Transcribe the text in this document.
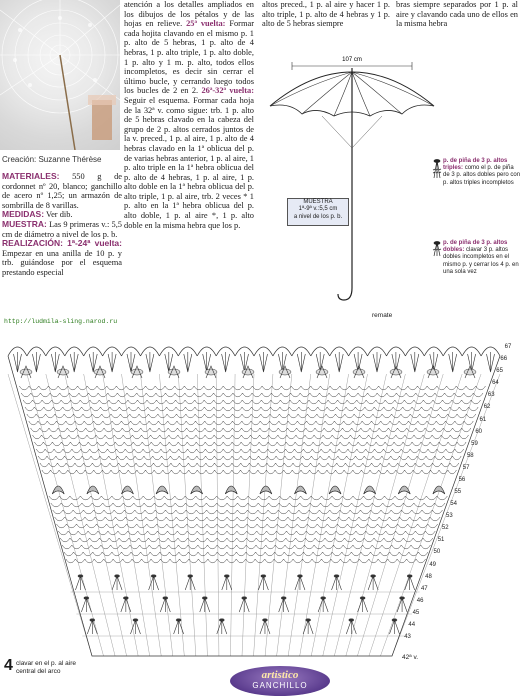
Creación: Suzanne Thérèse
MATERIALES: 550 g de cordonnet nº 20, blanco; ganchillo de acero nº 1,25; un armazón de sombrilla de 8 varillas.
MEDIDAS: Ver dib.
MUESTRA: Las 9 primeras v.: 5,5 cm de diámetro a nivel de los p. b.
REALIZACIÓN: 1ª-24ª vuelta: Empezar en una anilla de 10 p. y trb. guiándose por el esquema prestando especial
atención a los detalles ampliados en los dibujos de los pétalos y de las hojas en relieve. 25ª vuelta: Formar cada hojita clavando en el mismo p. 1 p. alto de 5 hebras, 1 p. alto de 4 hebras, 1 p. alto triple, 1 p. alto doble, 1 p. alto y 1 m. p. alto, todos ellos incompletos, es decir sin cerrar el último bucle, y cerrando luego todos los bucles de 2 en 2. 26ª-32ª vuelta: Seguir el esquema. Formar cada hoja de la 32ª v. como sigue: trb. 1 p. alto de 5 hebras clavado en la cabeza del grupo de 2 p. altos cerrados juntos de la v. preced., 1 p. al aire, 1 p. alto de 4 hebras clavado en la 1ª oblicua del p. de varias hebras anterior, 1 p. al aire, 1 p. alto triple en la 1ª hebra oblicua del p. alto de 4 hebras, 1 p. al aire, 1 p. alto doble en la 1ª hebra oblicua del p. alto triple, 1 p. al aire, trb. 2 veces * 1 p. alto en la 1ª hebra oblicua del p. alto doble, 1 p. al aire *, 1 p. alto doble en la misma hebra que los p.
altos preced., 1 p. al aire y hacer 1 p. alto triple, 1 p. alto de 4 hebras y 1 p. alto de 5 hebras siempre
bras siempre separados por 1 p. al aire y clavando cada uno de ellos en la misma hebra
107 cm
MUESTRA
1ª-9ª v.:5,5 cm
a nivel de los p. b.
p. de piña de 3 p. altos triples: como el p. de piña de 3 p. altos dobles pero con p. altos triples incompletos
p. de piña de 3 p. altos dobles: clavar 3 p. altos dobles incompletos en el mismo p. y cerrar los 4 p. en una sola vez
http://ludmila-sling.narod.ru
remate
67
66
65
64
63
62
61
60
59
58
57
56
55
54
53
52
51
50
49
48
47
46
45
44
43
42ª v.
4 clavar en el p. al aire
central del arco	artistico
GANCHILLO
